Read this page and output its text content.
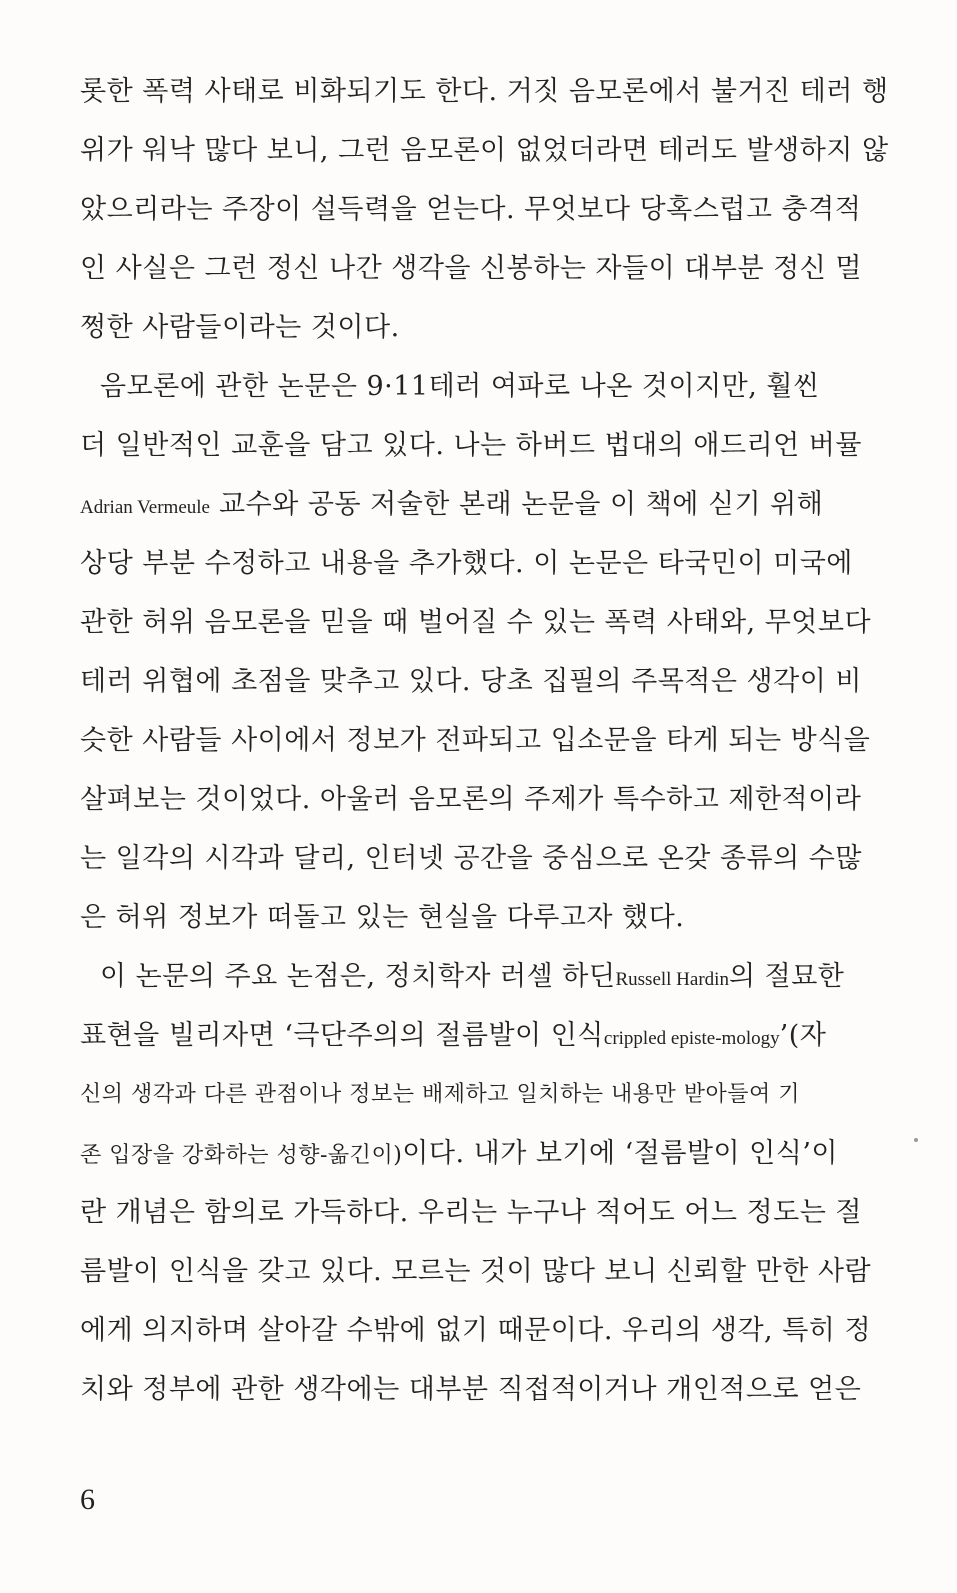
롯한 폭력 사태로 비화되기도 한다. 거짓 음모론에서 불거진 테러 행
위가 워낙 많다 보니, 그런 음모론이 없었더라면 테러도 발생하지 않
았으리라는 주장이 설득력을 얻는다. 무엇보다 당혹스럽고 충격적
인 사실은 그런 정신 나간 생각을 신봉하는 자들이 대부분 정신 멀
쩡한 사람들이라는 것이다.
음모론에 관한 논문은 9·11테러 여파로 나온 것이지만, 훨씬
더 일반적인 교훈을 담고 있다. 나는 하버드 법대의 애드리언 버뮬
Adrian Vermeule 교수와 공동 저술한 본래 논문을 이 책에 싣기 위해
상당 부분 수정하고 내용을 추가했다. 이 논문은 타국민이 미국에
관한 허위 음모론을 믿을 때 벌어질 수 있는 폭력 사태와, 무엇보다
테러 위협에 초점을 맞추고 있다. 당초 집필의 주목적은 생각이 비
슷한 사람들 사이에서 정보가 전파되고 입소문을 타게 되는 방식을
살펴보는 것이었다. 아울러 음모론의 주제가 특수하고 제한적이라
는 일각의 시각과 달리, 인터넷 공간을 중심으로 온갖 종류의 수많
은 허위 정보가 떠돌고 있는 현실을 다루고자 했다.
이 논문의 주요 논점은, 정치학자 러셀 하딘Russell Hardin의 절묘한
표현을 빌리자면 ‘극단주의의 절름발이 인식crippled episte-mology’(자
신의 생각과 다른 관점이나 정보는 배제하고 일치하는 내용만 받아들여 기
존 입장을 강화하는 성향-옮긴이)이다. 내가 보기에 ‘절름발이 인식’이
란 개념은 함의로 가득하다. 우리는 누구나 적어도 어느 정도는 절
름발이 인식을 갖고 있다. 모르는 것이 많다 보니 신뢰할 만한 사람
에게 의지하며 살아갈 수밖에 없기 때문이다. 우리의 생각, 특히 정
치와 정부에 관한 생각에는 대부분 직접적이거나 개인적으로 얻은
6
